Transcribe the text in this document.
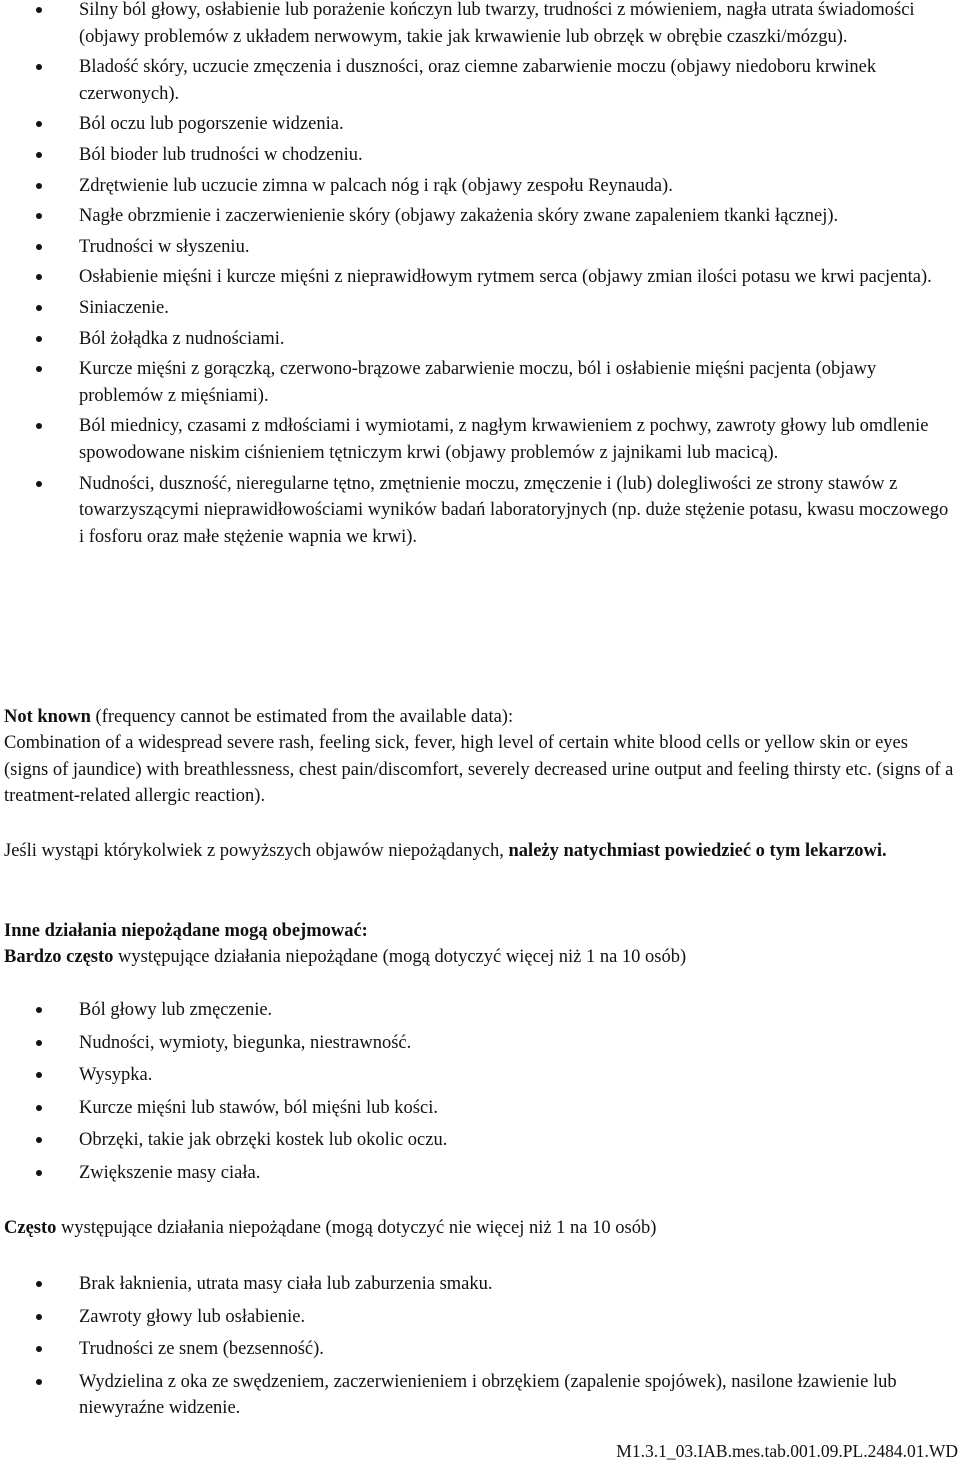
Silny ból głowy, osłabienie lub porażenie kończyn lub twarzy, trudności z mówieniem, nagła utrata świadomości (objawy problemów z układem nerwowym, takie jak krwawienie lub obrzęk w obrębie czaszki/mózgu).
Bladość skóry, uczucie zmęczenia i duszności, oraz ciemne zabarwienie moczu (objawy niedoboru krwinek czerwonych).
Ból oczu lub pogorszenie widzenia.
Ból bioder lub trudności w chodzeniu.
Zdrętwienie lub uczucie zimna w palcach nóg i rąk (objawy zespołu Reynauda).
Nagłe obrzmienie i zaczerwienienie skóry (objawy zakażenia skóry zwane zapaleniem tkanki łącznej).
Trudności w słyszeniu.
Osłabienie mięśni i kurcze mięśni z nieprawidłowym rytmem serca (objawy zmian ilości potasu we krwi pacjenta).
Siniaczenie.
Ból żołądka z nudnościami.
Kurcze mięśni z gorączką, czerwono-brązowe zabarwienie moczu, ból i osłabienie mięśni pacjenta (objawy problemów z mięśniami).
Ból miednicy, czasami z mdłościami i wymiotami, z nagłym krwawieniem z pochwy, zawroty głowy lub omdlenie spowodowane niskim ciśnieniem tętniczym krwi (objawy problemów z jajnikami lub macicą).
Nudności, duszność, nieregularne tętno, zmętnienie moczu, zmęczenie i (lub) dolegliwości ze strony stawów z towarzyszącymi nieprawidłowościami wyników badań laboratoryjnych (np. duże stężenie potasu, kwasu moczowego i fosforu oraz małe stężenie wapnia we krwi).

Not known (frequency cannot be estimated from the available data):

Combination of a widespread severe rash, feeling sick, fever, high level of certain white blood cells or yellow skin or eyes (signs of jaundice) with breathlessness, chest pain/discomfort, severely decreased urine output and feeling thirsty etc. (signs of a treatment-related allergic reaction).

Jeśli wystąpi którykolwiek z powyższych objawów niepożądanych, należy natychmiast powiedzieć o tym lekarzowi.

Inne działania niepożądane mogą obejmować:

Bardzo często występujące działania niepożądane (mogą dotyczyć więcej niż 1 na 10 osób)

Ból głowy lub zmęczenie.
Nudności, wymioty, biegunka, niestrawność.
Wysypka.
Kurcze mięśni lub stawów, ból mięśni lub kości.
Obrzęki, takie jak obrzęki kostek lub okolic oczu.
Zwiększenie masy ciała.

Często występujące działania niepożądane (mogą dotyczyć nie więcej niż 1 na 10 osób)

Brak łaknienia, utrata masy ciała lub zaburzenia smaku.
Zawroty głowy lub osłabienie.
Trudności ze snem (bezsenność).
Wydzielina z oka ze swędzeniem, zaczerwienieniem i obrzękiem (zapalenie spojówek), nasilone łzawienie lub niewyraźne widzenie.
M1.3.1_03.IAB.mes.tab.001.09.PL.2484.01.WD
